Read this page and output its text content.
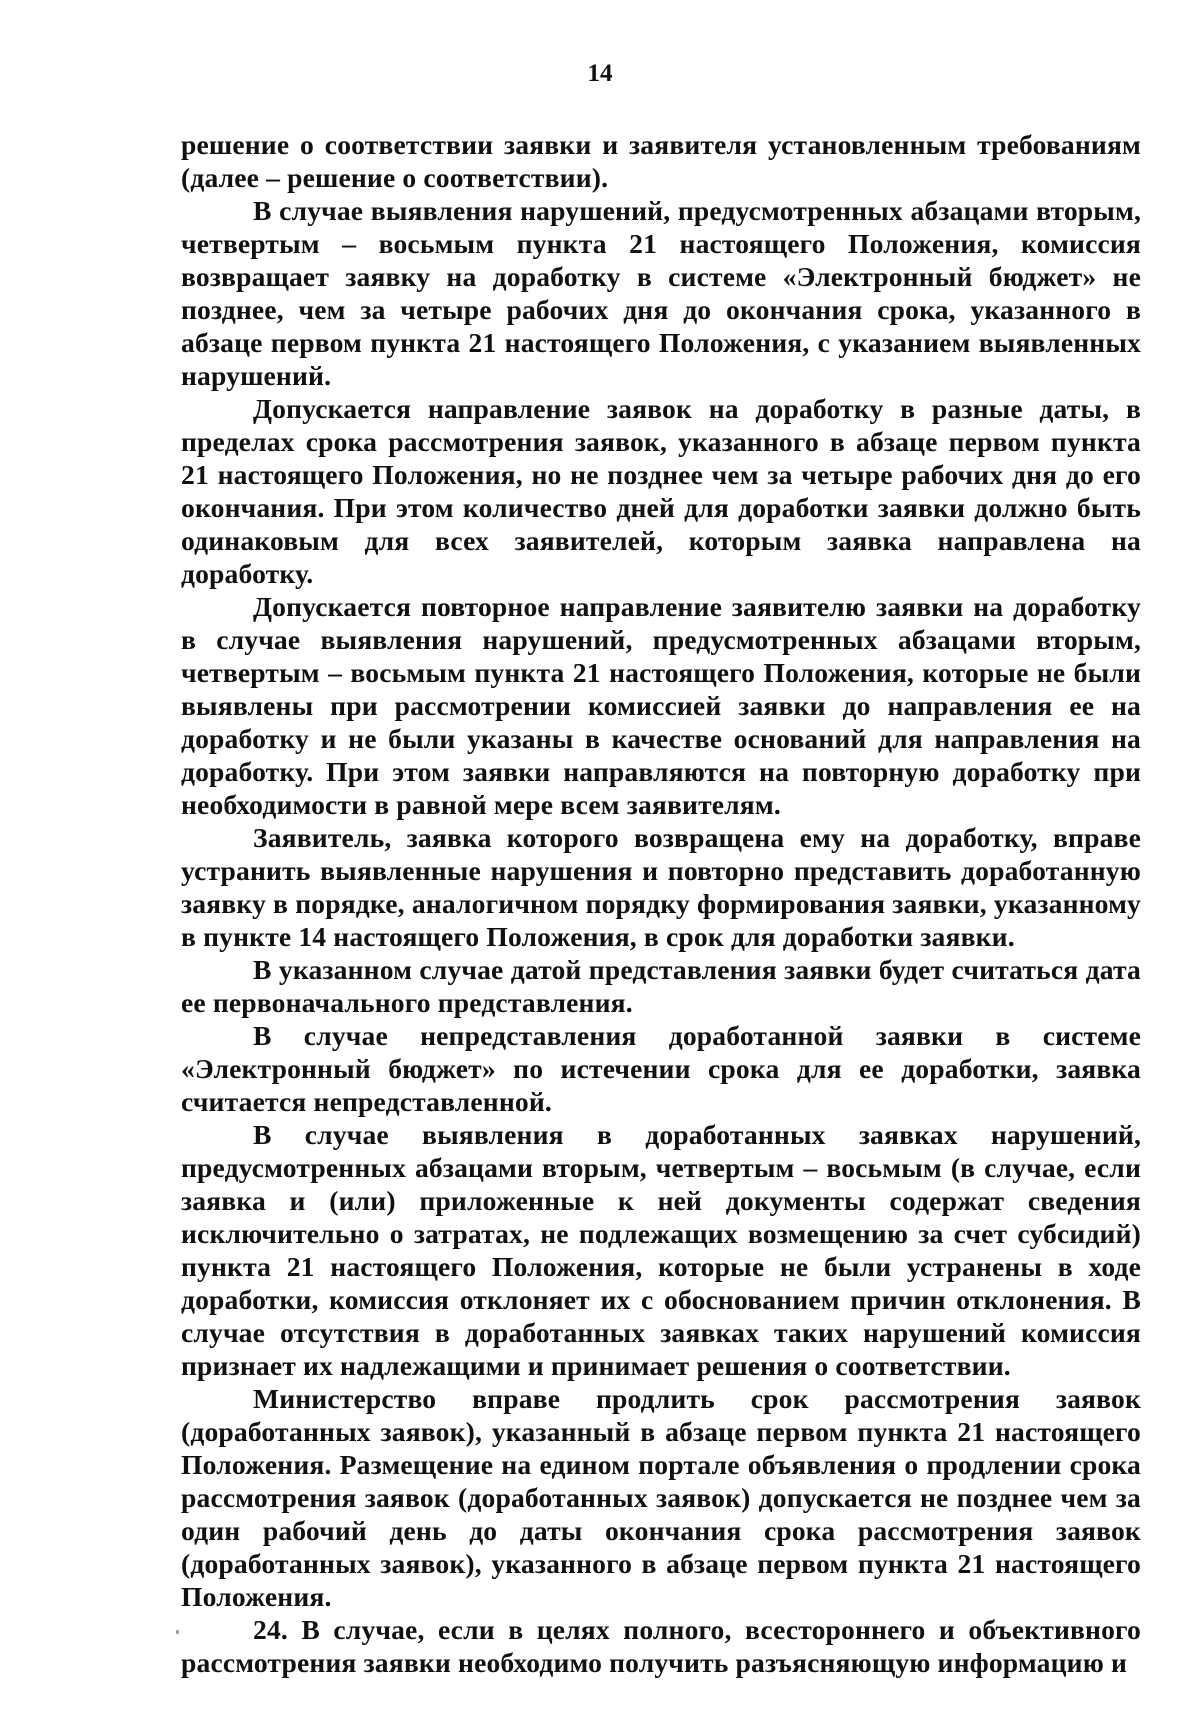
14

решение о соответствии заявки и заявителя установленным требованиям (далее – решение о соответствии).

В случае выявления нарушений, предусмотренных абзацами вторым, четвертым – восьмым пункта 21 настоящего Положения, комиссия возвращает заявку на доработку в системе «Электронный бюджет» не позднее, чем за четыре рабочих дня до окончания срока, указанного в абзаце первом пункта 21 настоящего Положения, с указанием выявленных нарушений.

Допускается направление заявок на доработку в разные даты, в пределах срока рассмотрения заявок, указанного в абзаце первом пункта 21 настоящего Положения, но не позднее чем за четыре рабочих дня до его окончания. При этом количество дней для доработки заявки должно быть одинаковым для всех заявителей, которым заявка направлена на доработку.

Допускается повторное направление заявителю заявки на доработку в случае выявления нарушений, предусмотренных абзацами вторым, четвертым – восьмым пункта 21 настоящего Положения, которые не были выявлены при рассмотрении комиссией заявки до направления ее на доработку и не были указаны в качестве оснований для направления на доработку. При этом заявки направляются на повторную доработку при необходимости в равной мере всем заявителям.

Заявитель, заявка которого возвращена ему на доработку, вправе устранить выявленные нарушения и повторно представить доработанную заявку в порядке, аналогичном порядку формирования заявки, указанному в пункте 14 настоящего Положения, в срок для доработки заявки.

В указанном случае датой представления заявки будет считаться дата ее первоначального представления.

В случае непредставления доработанной заявки в системе «Электронный бюджет» по истечении срока для ее доработки, заявка считается непредставленной.

В случае выявления в доработанных заявках нарушений, предусмотренных абзацами вторым, четвертым – восьмым (в случае, если заявка и (или) приложенные к ней документы содержат сведения исключительно о затратах, не подлежащих возмещению за счет субсидий) пункта 21 настоящего Положения, которые не были устранены в ходе доработки, комиссия отклоняет их с обоснованием причин отклонения. В случае отсутствия в доработанных заявках таких нарушений комиссия признает их надлежащими и принимает решения о соответствии.

Министерство вправе продлить срок рассмотрения заявок (доработанных заявок), указанный в абзаце первом пункта 21 настоящего Положения. Размещение на едином портале объявления о продлении срока рассмотрения заявок (доработанных заявок) допускается не позднее чем за один рабочий день до даты окончания срока рассмотрения заявок (доработанных заявок), указанного в абзаце первом пункта 21 настоящего Положения.

24. В случае, если в целях полного, всестороннего и объективного рассмотрения заявки необходимо получить разъясняющую информацию и
